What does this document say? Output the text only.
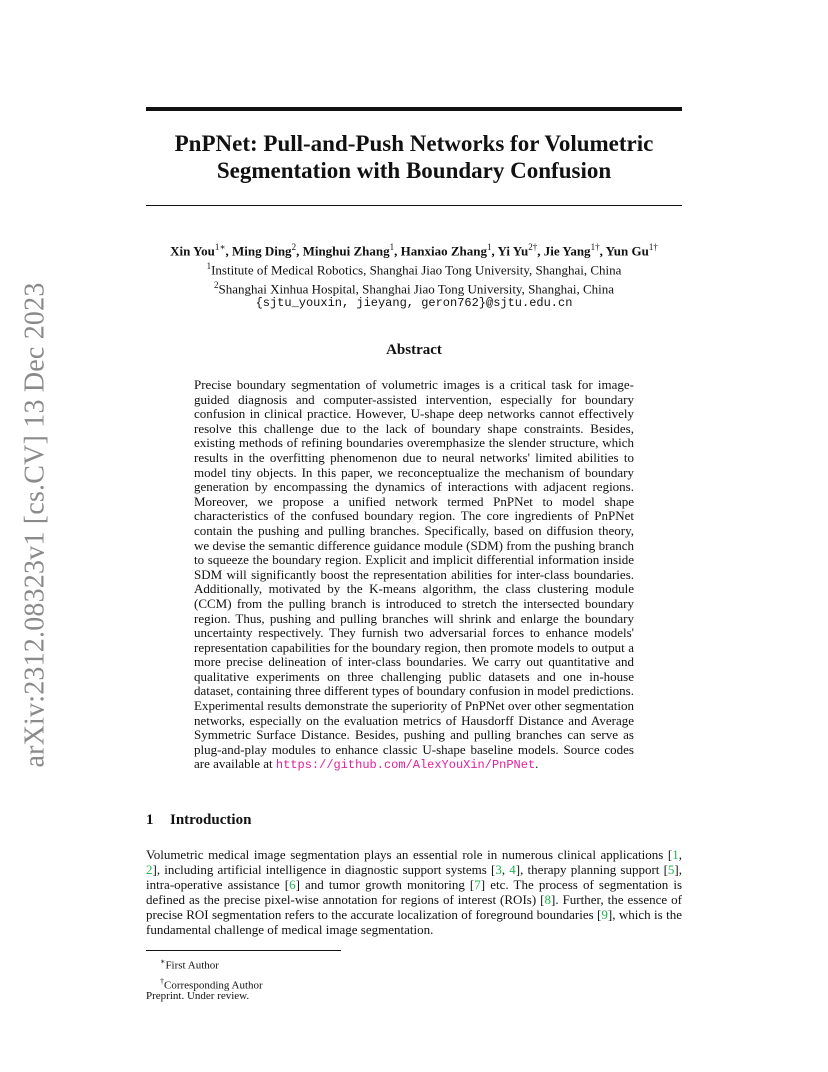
arXiv:2312.08323v1 [cs.CV] 13 Dec 2023
PnPNet: Pull-and-Push Networks for Volumetric Segmentation with Boundary Confusion
Xin You$^{1∗}$, Ming Ding$^2$, Minghui Zhang$^1$, Hanxiao Zhang$^1$, Yi $Yu^{2\dagger}$, Jie Yang$^{1\dagger}$, Yun $Gu^{1\dagger}$
$^1$Institute of Medical Robotics, Shanghai Jiao Tong University, Shanghai, China
$^2$Shanghai Xinhua Hospital, Shanghai Jiao Tong University, Shanghai, China
{sjtu_youxin, jieyang, geron762}@sjtu.edu.cn
Abstract

Precise boundary segmentation of volumetric images is a critical task for image-guided diagnosis and computer-assisted intervention, especially for boundary confusion in clinical practice. However, U-shape deep networks cannot effectively resolve this challenge due to the lack of boundary shape constraints. Besides, existing methods of refining boundaries overemphasize the slender structure, which results in the overfitting phenomenon due to neural networks' limited abilities to model tiny objects. In this paper, we reconceptualize the mechanism of boundary generation by encompassing the dynamics of interactions with adjacent regions. Moreover, we propose a unified network termed PnPNet to model shape characteristics of the confused boundary region. The core ingredients of PnPNet contain the pushing and pulling branches. Specifically, based on diffusion theory, we devise the semantic difference guidance module (SDM) from the pushing branch to squeeze the boundary region. Explicit and implicit differential information inside SDM will significantly boost the representation abilities for inter-class boundaries. Additionally, motivated by the K-means algorithm, the class clustering module (CCM) from the pulling branch is introduced to stretch the intersected boundary region. Thus, pushing and pulling branches will shrink and enlarge the boundary uncertainty respectively. They furnish two adversarial forces to enhance models' representation capabilities for the boundary region, then promote models to output a more precise delineation of inter-class boundaries. We carry out quantitative and qualitative experiments on three challenging public datasets and one in-house dataset, containing three different types of boundary confusion in model predictions. Experimental results demonstrate the superiority of PnPNet over other segmentation networks, especially on the evaluation metrics of Hausdorff Distance and Average Symmetric Surface Distance. Besides, pushing and pulling branches can serve as plug-and-play modules to enhance classic U-shape baseline models. Source codes are available at https://github.com/AlexYouXin/PnPNet.

1 Introduction

Volumetric medical image segmentation plays an essential role in numerous clinical applications [1, 2], including artificial intelligence in diagnostic support systems [3, 4], therapy planning support [5], intra-operative assistance [6] and tumor growth monitoring [7] etc. The process of segmentation is defined as the precise pixel-wise annotation for regions of interest (ROIs) [8]. Further, the essence of precise ROI segmentation refers to the accurate localization of foreground boundaries [9], which is the fundamental challenge of medical image segmentation.

∗First Author
†Corresponding Author
Preprint. Under review.
